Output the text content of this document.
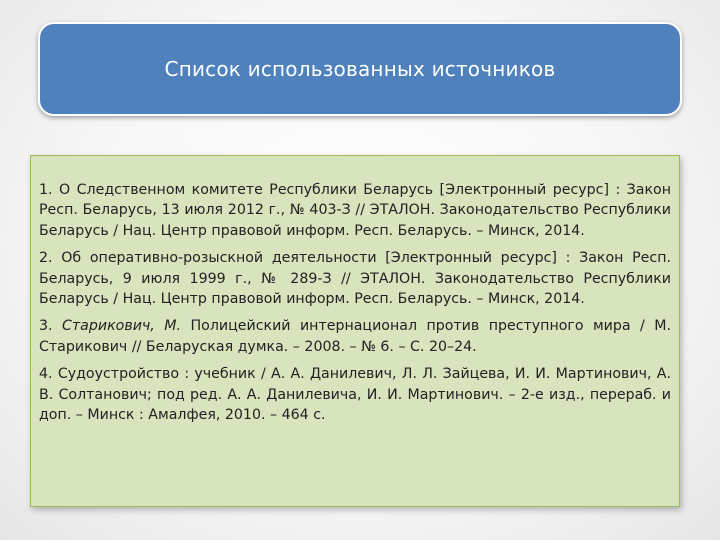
Список использованных источников

1. О Следственном комитете Республики Беларусь [Электронный ресурс] : Закон Респ. Беларусь, 13 июля 2012 г., № 403-З // ЭТАЛОН. Законодательство Республики Беларусь / Нац. Центр правовой информ. Респ. Беларусь. – Минск, 2014.

2. Об оперативно-розыскной деятельности [Электронный ресурс] : Закон Респ. Беларусь, 9 июля 1999 г., № 289-З // ЭТАЛОН. Законодательство Республики Беларусь / Нац. Центр правовой информ. Респ. Беларусь. – Минск, 2014.

3. Старикович, М. Полицейский интернационал против преступного мира / М. Старикович // Беларуская думка. – 2008. – № 6. – С. 20–24.

4. Судоустройство : учебник / А. А. Данилевич, Л. Л. Зайцева, И. И. Мартинович, А. В. Солтанович; под ред. А. А. Данилевича, И. И. Мартинович. – 2-е изд., перераб. и доп. – Минск : Амалфея, 2010. – 464 с.
